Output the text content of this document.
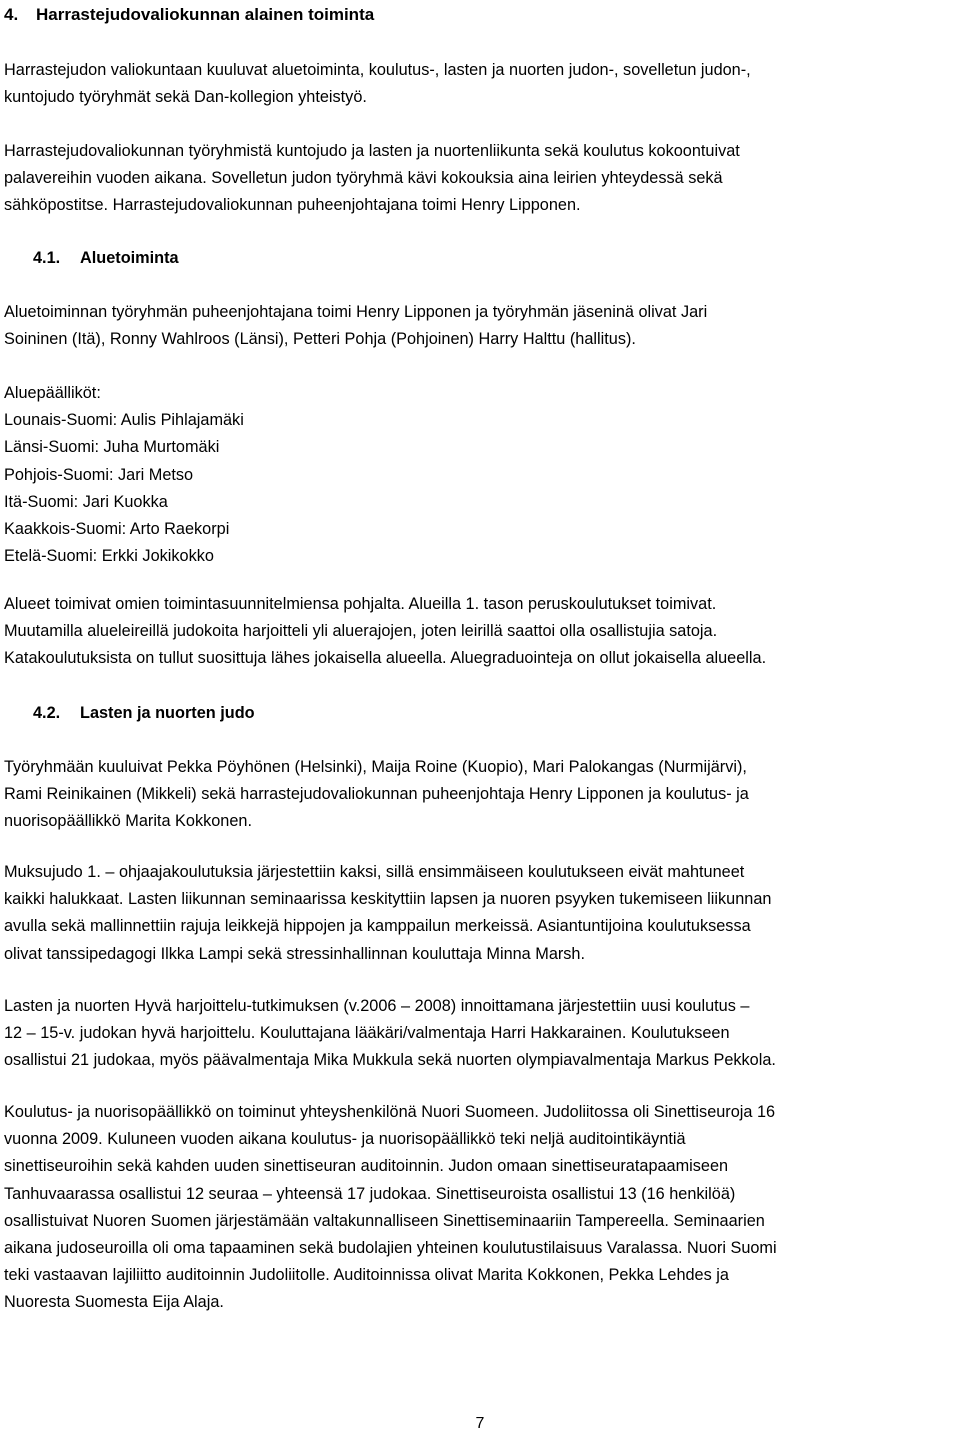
4. Harrastejudovaliokunnan alainen toiminta
Harrastejudon valiokuntaan kuuluvat aluetoiminta, koulutus-, lasten ja nuorten judon-, sovelletun judon-,
kuntojudo työryhmät sekä Dan-kollegion yhteistyö.
Harrastejudovaliokunnan työryhmistä kuntojudo ja lasten ja nuortenliikunta sekä koulutus kokoontuivat
palavereihin vuoden aikana. Sovelletun judon työryhmä kävi kokouksia aina leirien yhteydessä sekä
sähköpostitse. Harrastejudovaliokunnan puheenjohtajana toimi Henry Lipponen.
4.1. Aluetoiminta
Aluetoiminnan työryhmän puheenjohtajana toimi Henry Lipponen ja työryhmän jäseninä olivat Jari
Soininen (Itä), Ronny Wahlroos (Länsi), Petteri Pohja (Pohjoinen) Harry Halttu (hallitus).
Aluepäälliköt:
Lounais-Suomi: Aulis Pihlajamäki
Länsi-Suomi: Juha Murtomäki
Pohjois-Suomi: Jari Metso
Itä-Suomi: Jari Kuokka
Kaakkois-Suomi: Arto Raekorpi
Etelä-Suomi: Erkki Jokikokko
Alueet toimivat omien toimintasuunnitelmiensa pohjalta. Alueilla 1. tason peruskoulutukset toimivat.
Muutamilla alueleireillä judokoita harjoitteli yli aluerajojen, joten leirillä saattoi olla osallistujia satoja.
Katakoulutuksista on tullut suosittuja lähes jokaisella alueella. Aluegraduointeja on ollut jokaisella alueella.
4.2. Lasten ja nuorten judo
Työryhmään kuuluivat Pekka Pöyhönen (Helsinki), Maija Roine (Kuopio), Mari Palokangas (Nurmijärvi),
Rami Reinikainen (Mikkeli) sekä harrastejudovaliokunnan puheenjohtaja Henry Lipponen ja koulutus- ja
nuorisopäällikkö Marita Kokkonen.
Muksujudo 1. – ohjaajakoulutuksia järjestettiin kaksi, sillä ensimmäiseen koulutukseen eivät mahtuneet
kaikki halukkaat. Lasten liikunnan seminaarissa keskityttiin lapsen ja nuoren psyyken tukemiseen liikunnan
avulla sekä mallinnettiin rajuja leikkejä hippojen ja kamppailun merkeissä. Asiantuntijoina koulutuksessa
olivat tanssipedagogi Ilkka Lampi sekä stressinhallinnan kouluttaja Minna Marsh.
Lasten ja nuorten Hyvä harjoittelu-tutkimuksen (v.2006 – 2008) innoittamana järjestettiin uusi koulutus –
12 – 15-v. judokan hyvä harjoittelu. Kouluttajana lääkäri/valmentaja Harri Hakkarainen. Koulutukseen
osallistui 21 judokaa, myös päävalmentaja Mika Mukkula sekä nuorten olympiavalmentaja Markus Pekkola.
Koulutus- ja nuorisopäällikkö on toiminut yhteyshenkilönä Nuori Suomeen. Judoliitossa oli Sinettiseuroja 16
vuonna 2009. Kuluneen vuoden aikana koulutus- ja nuorisopäällikkö teki neljä auditointikäyntiä
sinettiseuroihin sekä kahden uuden sinettiseuran auditoinnin. Judon omaan sinettiseuratapaamiseen
Tanhuvaarassa osallistui 12 seuraa – yhteensä 17 judokaa. Sinettiseuroista osallistui 13 (16 henkilöä)
osallistuivat Nuoren Suomen järjestämään valtakunnalliseen Sinettiseminaariin Tampereella. Seminaarien
aikana judoseuroilla oli oma tapaaminen sekä budolajien yhteinen koulutustilaisuus Varalassa. Nuori Suomi
teki vastaavan lajiliitto auditoinnin Judoliitolle. Auditoinnissa olivat Marita Kokkonen, Pekka Lehdes ja
Nuoresta Suomesta Eija Alaja.
7
